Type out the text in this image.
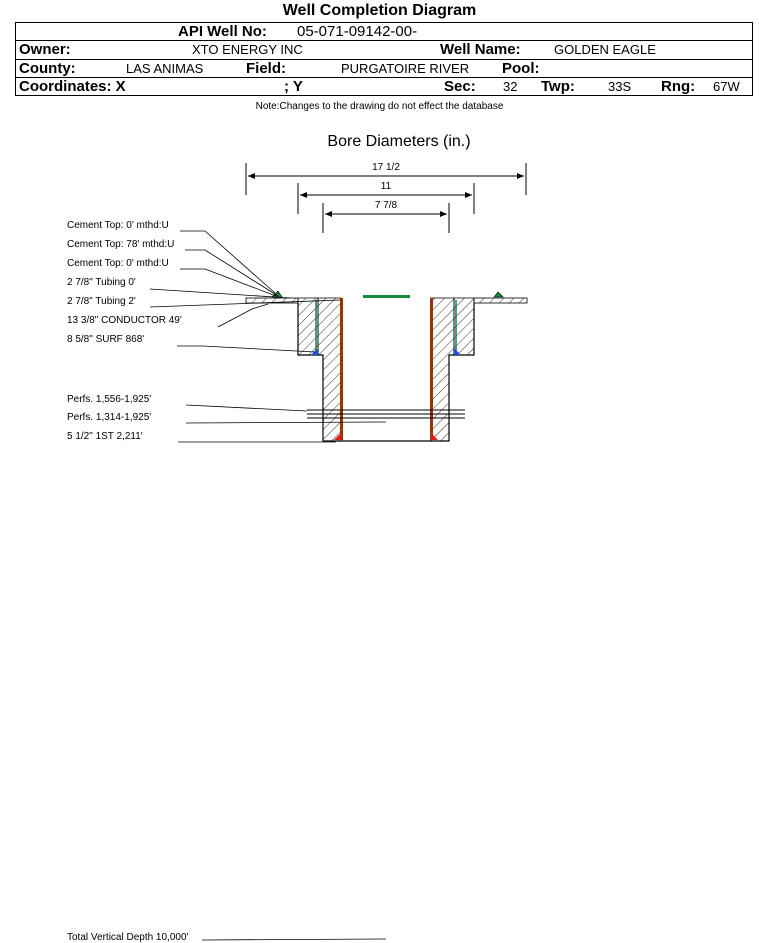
Well Completion Diagram
API Well No: 05-071-09142-00-
Owner:	XTO ENERGY INC	Well Name:	GOLDEN EAGLE
County:	LAS ANIMAS	Field:	PURGATOIRE RIVER Pool:
Coordinates: X	; Y	Sec: 32 Twp:	33S Rng: 67W
Note:Changes to the drawing do not effect the database
Bore Diameters (in.)
17 1/2
11
7 7/8
Cement Top: 0' mthd:U
Cement Top: 78' mthd:U
Cement Top: 0' mthd:U
2 7/8" Tubing 0'
2 7/8" Tubing 2'
13 3/8" CONDUCTOR 49'
8 5/8" SURF 868'
Perfs. 1,556-1,925'
Perfs. 1,314-1,925'
5 1/2" 1ST 2,211'
Total Vertical Depth 10,000'
